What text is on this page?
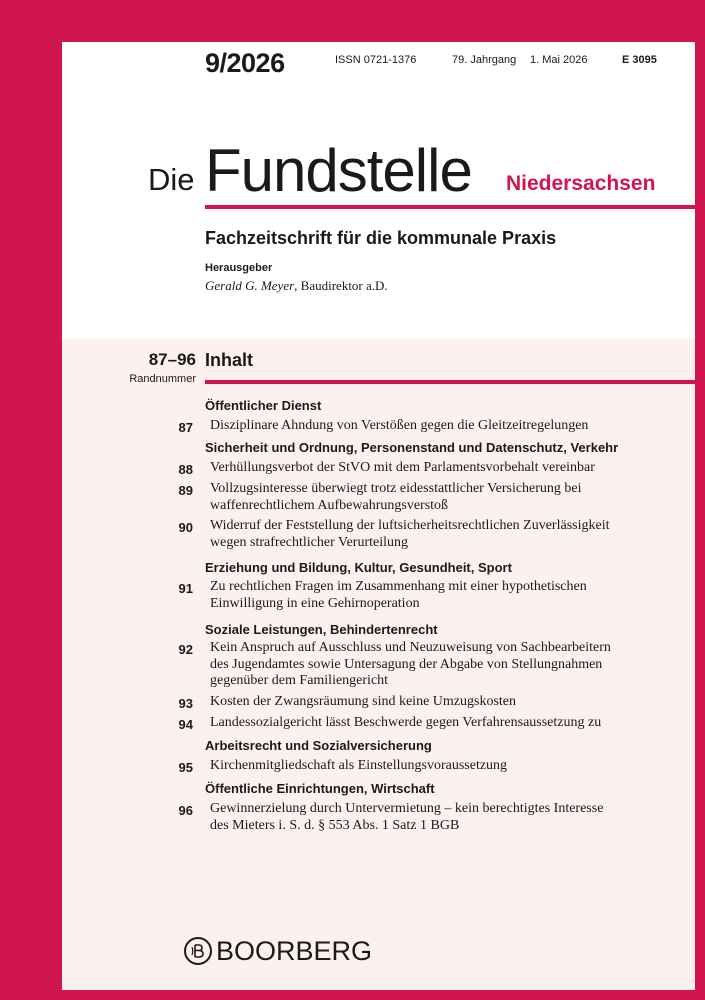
9/2026	ISSN 0721-1376	79. Jahrgang 1. Mai 2026	E 3095
Die Fundstelle Niedersachsen
Fachzeitschrift für die kommunale Praxis
Herausgeber
Gerald G. Meyer, Baudirektor a.D.
87–96
Randnummer
Inhalt
Öffentlicher Dienst
Sicherheit und Ordnung, Personenstand und Datenschutz, Verkehr
Erziehung und Bildung, Kultur, Gesundheit, Sport
Soziale Leistungen, Behindertenrecht
Arbeitsrecht und Sozialversicherung
Öffentliche Einrichtungen, Wirtschaft
87 Disziplinare Ahndung von Verstößen gegen die Gleitzeitregelungen
88 Verhüllungsverbot der StVO mit dem Parlamentsvorbehalt vereinbar
89 Vollzugsinteresse überwiegt trotz eidesstattlicher Versicherung bei
waffenrechtlichem Aufbewahrungsverstoß
90 Widerruf der Feststellung der luftsicherheitsrechtlichen Zuverlässigkeit
wegen strafrechtlicher Verurteilung
91 Zu rechtlichen Fragen im Zusammenhang mit einer hypothetischen
Einwilligung in eine Gehirnoperation
92 Kein Anspruch auf Ausschluss und Neuzuweisung von Sachbearbeitern
des Jugendamtes sowie Untersagung der Abgabe von Stellungnahmen
gegenüber dem Familiengericht
93 Kosten der Zwangsräumung sind keine Umzugskosten
94 Landessozialgericht lässt Beschwerde gegen Verfahrensaussetzung zu
95 Kirchenmitgliedschaft als Einstellungsvoraussetzung
96 Gewinnerzielung durch Untervermietung – kein berechtigtes Interesse
des Mieters i. S. d. § 553 Abs. 1 Satz 1 BGB
BOORBERG
